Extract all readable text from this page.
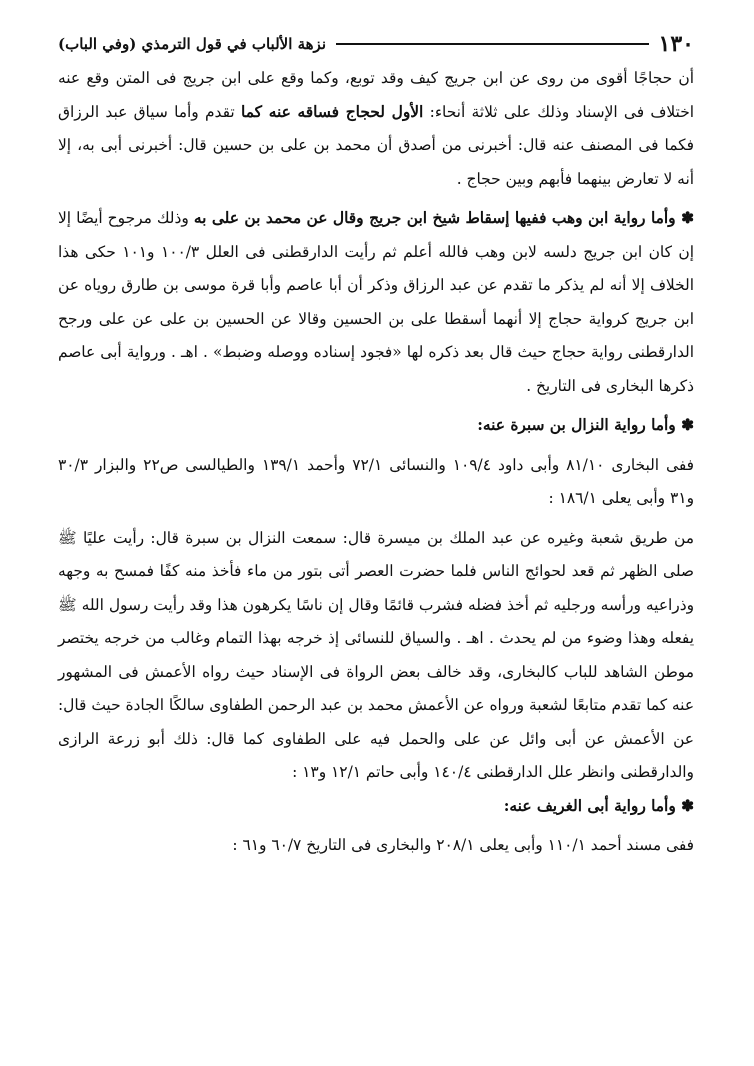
١٣٠
نزهة الألباب في قول الترمذي (وفي الباب)

أن حجاجًا أقوى من روى عن ابن جريج كيف وقد توبع، وكما وقع على ابن جريج فى المتن وقع عنه اختلاف فى الإسناد وذلك على ثلاثة أنحاء: الأول لحجاج فساقه عنه كما تقدم وأما سياق عبد الرزاق فكما فى المصنف عنه قال: أخبرنى من أصدق أن محمد بن على بن حسين قال: أخبرنى أبى به، إلا أنه لا تعارض بينهما فأبهم وبين حجاج .

✽ وأما رواية ابن وهب ففيها إسقاط شيخ ابن جريج وقال عن محمد بن على به وذلك مرجوح أيضًا إلا إن كان ابن جريج دلسه لابن وهب فالله أعلم ثم رأيت الدارقطنى فى العلل ١٠٠/٣ و١٠١ حكى هذا الخلاف إلا أنه لم يذكر ما تقدم عن عبد الرزاق وذكر أن أبا عاصم وأبا قرة موسى بن طارق روياه عن ابن جريج كرواية حجاج إلا أنهما أسقطا على بن الحسين وقالا عن الحسين بن على عن على ورجح الدارقطنى رواية حجاج حيث قال بعد ذكره لها «فجود إسناده ووصله وضبط» . اهـ . ورواية أبى عاصم ذكرها البخارى فى التاريخ .

✽ وأما رواية النزال بن سبرة عنه:

ففى البخارى ٨١/١٠ وأبى داود ١٠٩/٤ والنسائى ٧٢/١ وأحمد ١٣٩/١ والطيالسى ص٢٢ والبزار ٣٠/٣ و٣١ وأبى يعلى ١٨٦/١ :

من طريق شعبة وغيره عن عبد الملك بن ميسرة قال: سمعت النزال بن سبرة قال: رأيت عليًا ﷺ صلى الظهر ثم قعد لحوائج الناس فلما حضرت العصر أتى بتور من ماء فأخذ منه كفًا فمسح به وجهه وذراعيه ورأسه ورجليه ثم أخذ فضله فشرب قائمًا وقال إن ناسًا يكرهون هذا وقد رأيت رسول الله ﷺ يفعله وهذا وضوء من لم يحدث . اهـ . والسياق للنسائى إذ خرجه بهذا التمام وغالب من خرجه يختصر موطن الشاهد للباب كالبخارى، وقد خالف بعض الرواة فى الإسناد حيث رواه الأعمش فى المشهور عنه كما تقدم متابعًا لشعبة ورواه عن الأعمش محمد بن عبد الرحمن الطفاوى سالكًا الجادة حيث قال: عن الأعمش عن أبى وائل عن على والحمل فيه على الطفاوى كما قال: ذلك أبو زرعة الرازى والدارقطنى وانظر علل الدارقطنى ١٤٠/٤ وأبى حاتم ١٢/١ و١٣ :

✽ وأما رواية أبى الغريف عنه:

ففى مسند أحمد ١١٠/١ وأبى يعلى ٢٠٨/١ والبخارى فى التاريخ ٦٠/٧ و٦١ :
